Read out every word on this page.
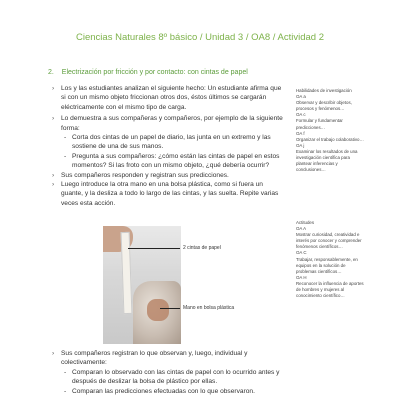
Ciencias Naturales 8º básico / Unidad 3 / OA8 / Actividad 2
2. Electrización por fricción y por contacto: con cintas de papel

› Los y las estudiantes analizan el siguiente hecho: Un estudiante afirma que si con un mismo objeto friccionan otros dos, éstos últimos se cargarán eléctricamente con el mismo tipo de carga.

› Lo demuestra a sus compañeras y compañeros, por ejemplo de la siguiente forma:

- Corta dos cintas de un papel de diario, las junta en un extremo y las sostiene de una de sus manos.

- Pregunta a sus compañeros: ¿cómo están las cintas de papel en estos momentos? Si las froto con un mismo objeto, ¿qué debería ocurrir?

› Sus compañeros responden y registran sus predicciones.

› Luego introduce la otra mano en una bolsa plástica, como si fuera un guante, y la desliza a todo lo largo de las cintas, y las suelta. Repite varias veces esta acción.

Habilidades de investigación

OA a

Observar y describir objetos, procesos y fenómenos…

OA c

Formular y fundamentar predicciones…

OA f

Organizar el trabajo colaborativo…

OA j

Examinar los resultados de una investigación científica para plantear inferencias y conclusiones…

Actitudes

OA A

Mostrar curiosidad, creatividad e interés por conocer y comprender fenómenos científicos…

OA C

Trabajar, responsablemente, en equipos en la solución de problemas científicos…

OA H

Reconocer la influencia de aportes de hombres y mujeres al conocimiento científico…

2 cintas de papel
Mano en bolsa plástica

› Sus compañeros registran lo que observan y, luego, individual y colectivamente:

- Comparan lo observado con las cintas de papel con lo ocurrido antes y después de deslizar la bolsa de plástico por ellas.

- Comparan las predicciones efectuadas con lo que observaron.
